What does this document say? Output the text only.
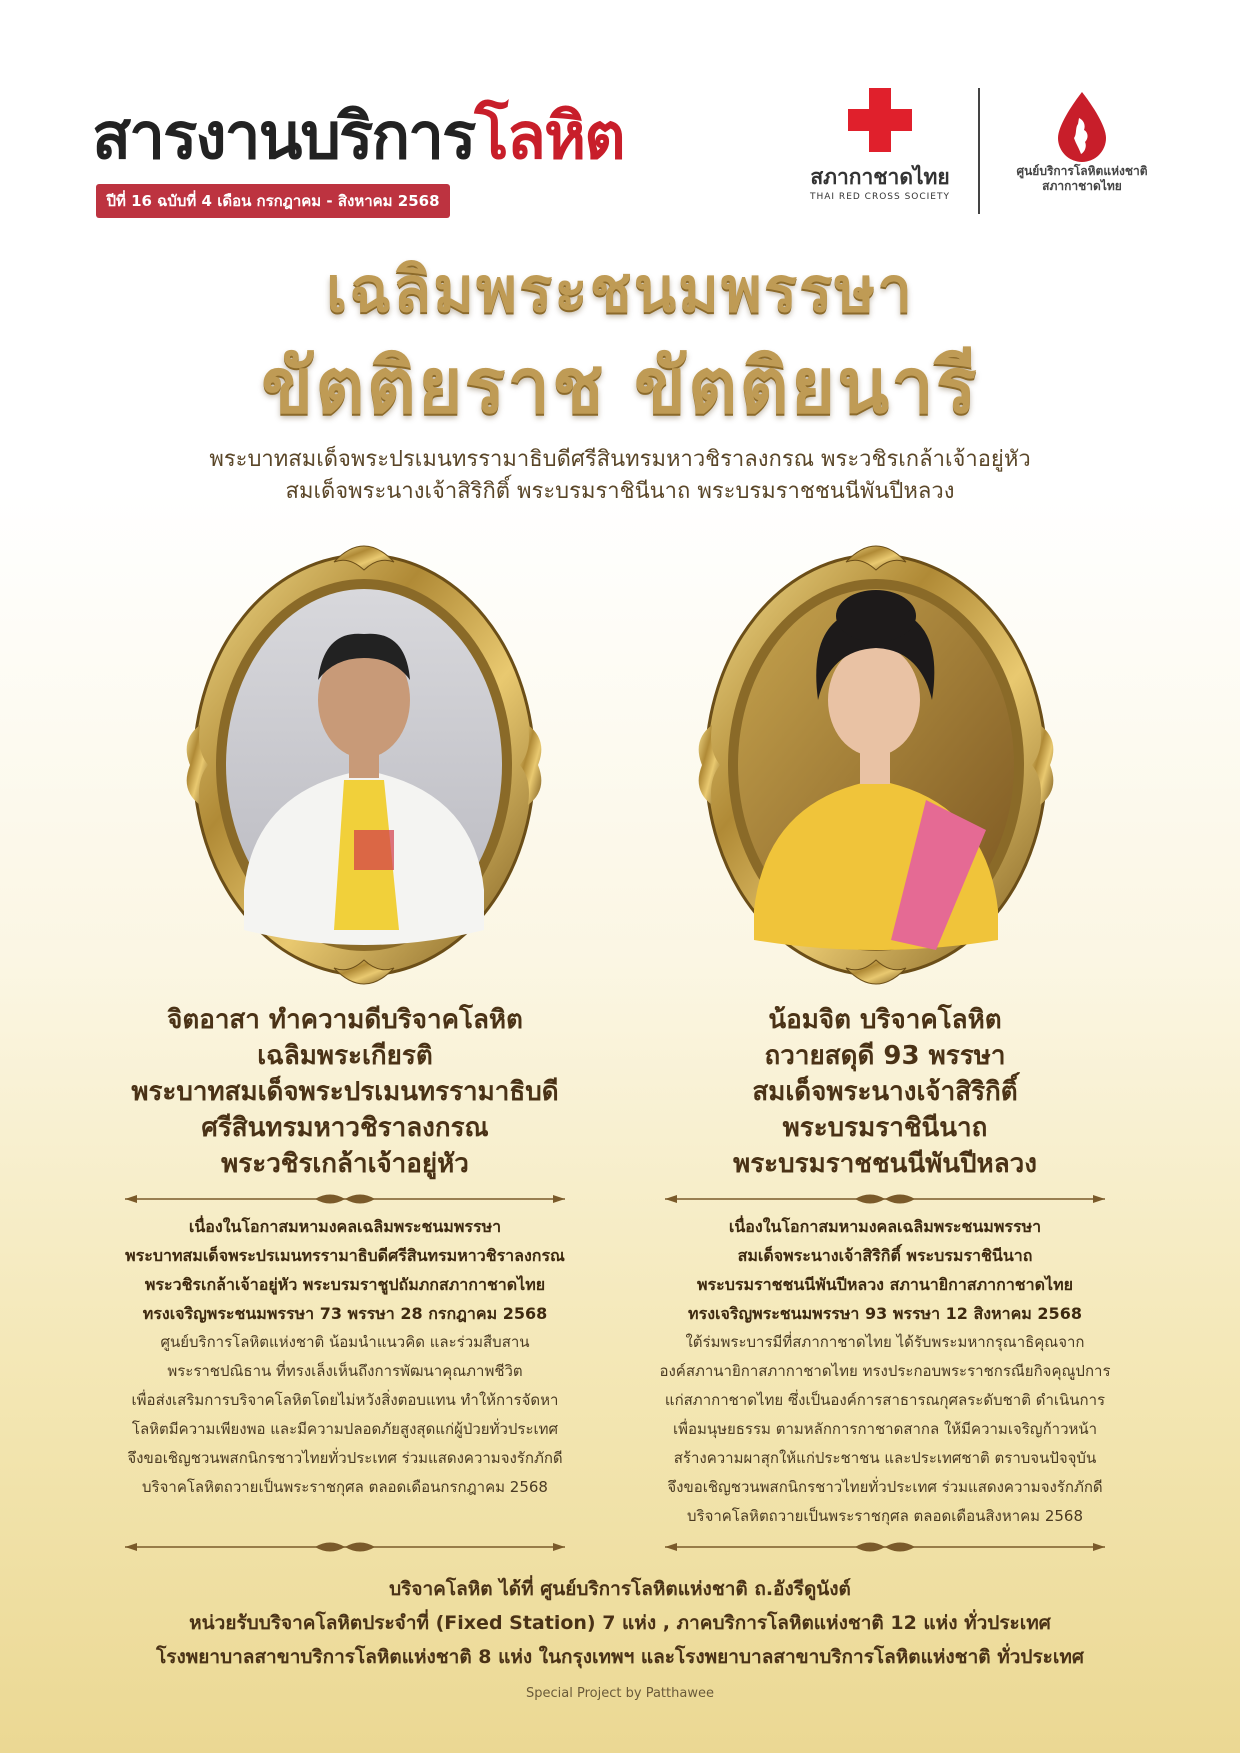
สารงานบริการโลหิต
ปีที่ 16 ฉบับที่ 4 เดือน กรกฎาคม - สิงหาคม 2568
สภากาชาดไทย
THAI RED CROSS SOCIETY
ศูนย์บริการโลหิตแห่งชาติ
สภากาชาดไทย
เฉลิมพระชนมพรรษา
ขัตติยราช ขัตติยนารี
พระบาทสมเด็จพระปรเมนทรรามาธิบดีศรีสินทรมหาวชิราลงกรณ พระวชิรเกล้าเจ้าอยู่หัว
สมเด็จพระนางเจ้าสิริกิติ์ พระบรมราชินีนาถ พระบรมราชชนนีพันปีหลวง
จิตอาสา ทำความดีบริจาคโลหิต
เฉลิมพระเกียรติ
พระบาทสมเด็จพระปรเมนทรรามาธิบดี
ศรีสินทรมหาวชิราลงกรณ
พระวชิรเกล้าเจ้าอยู่หัว
เนื่องในโอกาสมหามงคลเฉลิมพระชนมพรรษา
พระบาทสมเด็จพระปรเมนทรรามาธิบดีศรีสินทรมหาวชิราลงกรณ
พระวชิรเกล้าเจ้าอยู่หัว พระบรมราชูปถัมภกสภากาชาดไทย
ทรงเจริญพระชนมพรรษา 73 พรรษา 28 กรกฎาคม 2568
ศูนย์บริการโลหิตแห่งชาติ น้อมนำแนวคิด และร่วมสืบสาน
พระราชปณิธาน ที่ทรงเล็งเห็นถึงการพัฒนาคุณภาพชีวิต
เพื่อส่งเสริมการบริจาคโลหิตโดยไม่หวังสิ่งตอบแทน ทำให้การจัดหา
โลหิตมีความเพียงพอ และมีความปลอดภัยสูงสุดแก่ผู้ป่วยทั่วประเทศ
จึงขอเชิญชวนพสกนิกรชาวไทยทั่วประเทศ ร่วมแสดงความจงรักภักดี
บริจาคโลหิตถวายเป็นพระราชกุศล ตลอดเดือนกรกฎาคม 2568
น้อมจิต บริจาคโลหิต
ถวายสดุดี 93 พรรษา
สมเด็จพระนางเจ้าสิริกิติ์
พระบรมราชินีนาถ
พระบรมราชชนนีพันปีหลวง
เนื่องในโอกาสมหามงคลเฉลิมพระชนมพรรษา
สมเด็จพระนางเจ้าสิริกิติ์ พระบรมราชินีนาถ
พระบรมราชชนนีพันปีหลวง สภานายิกาสภากาชาดไทย
ทรงเจริญพระชนมพรรษา 93 พรรษา 12 สิงหาคม 2568
ใต้ร่มพระบารมีที่สภากาชาดไทย ได้รับพระมหากรุณาธิคุณจาก
องค์สภานายิกาสภากาชาดไทย ทรงประกอบพระราชกรณียกิจคุณูปการ
แก่สภากาชาดไทย ซึ่งเป็นองค์การสาธารณกุศลระดับชาติ ดำเนินการ
เพื่อมนุษยธรรม ตามหลักการกาชาดสากล ให้มีความเจริญก้าวหน้า
สร้างความผาสุกให้แก่ประชาชน และประเทศชาติ ตราบจนปัจจุบัน
จึงขอเชิญชวนพสกนิกรชาวไทยทั่วประเทศ ร่วมแสดงความจงรักภักดี
บริจาคโลหิตถวายเป็นพระราชกุศล ตลอดเดือนสิงหาคม 2568
บริจาคโลหิต ได้ที่ ศูนย์บริการโลหิตแห่งชาติ ถ.อังรีดูนังต์
หน่วยรับบริจาคโลหิตประจำที่ (Fixed Station) 7 แห่ง , ภาคบริการโลหิตแห่งชาติ 12 แห่ง ทั่วประเทศ
โรงพยาบาลสาขาบริการโลหิตแห่งชาติ 8 แห่ง ในกรุงเทพฯ และโรงพยาบาลสาขาบริการโลหิตแห่งชาติ ทั่วประเทศ
Special Project by Patthawee
